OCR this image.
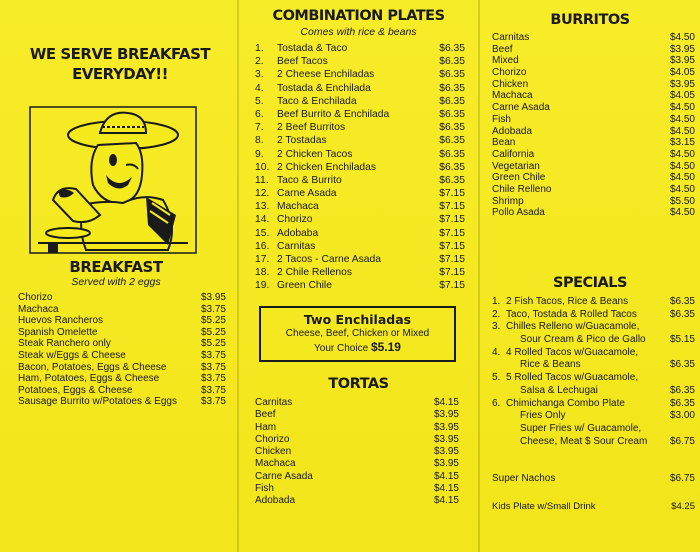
WE SERVE BREAKFAST
EVERYDAY!!
BREAKFAST
Served with 2 eggs
Chorizo	$3.95
Machaca	$3.75
Huevos Rancheros	$5.25
Spanish Omelette	$5.25
Steak Ranchero only	$5.25
Steak w/Eggs & Cheese	$3.75
Bacon, Potatoes, Eggs & Cheese	$3.75
Ham, Potatoes, Eggs & Cheese	$3.75
Potatoes, Eggs & Cheese	$3.75
Sausage Burrito w/Potatoes & Eggs $3.75
COMBINATION PLATES
Comes with rice & beans
1. Tostada & Taco	$6.35
2. Beef Tacos	$6.35
3. 2 Cheese Enchiladas	$6.35
4. Tostada & Enchilada	$6.35
5. Taco & Enchilada	$6.35
6. Beef Burrito & Enchilada	$6.35
7. 2 Beef Burritos	$6.35
8. 2 Tostadas	$6.35
9. 2 Chicken Tacos	$6.35
10. 2 Chicken Enchiladas	$6.35
11. Taco & Burrito	$6.35
12. Carne Asada	$7.15
13. Machaca	$7.15
14. Chorizo	$7.15
15. Adobaba	$7.15
16. Carnitas	$7.15
17. 2 Tacos - Carne Asada	$7.15
18. 2 Chile Rellenos	$7.15
19. Green Chile	$7.15
Two Enchiladas
Cheese, Beef, Chicken or Mixed
Your Choice $5.19
TORTAS
Carnitas	$4.15
Beef	$3.95
Ham	$3.95
Chorizo	$3.95
Chicken	$3.95
Machaca	$3.95
Carne Asada	$4.15
Fish	$4.15
Adobada	$4.15
BURRITOS
Carnitas	$4.50
Beef	$3.95
Mixed	$3.95
Chorizo	$4.05
Chicken	$3.95
Machaca	$4.05
Carne Asada	$4.50
Fish	$4.50
Adobada	$4.50
Bean	$3.15
California	$4.50
Vegetarian	$4.50
Green Chile	$4.50
Chile Relleno	$4.50
Shrimp	$5.50
Pollo Asada	$4.50
SPECIALS
1. 2 Fish Tacos, Rice & Beans	$6.35
2. Taco, Tostada & Rolled Tacos	$6.35
3. Chilles Relleno w/Guacamole,
Sour Cream & Pico de Gallo $5.15
4. 4 Rolled Tacos w/Guacamole,
Rice & Beans	$6.35
5. 5 Rolled Tacos w/Guacamole,
Salsa & Lechugai	$6.35
6. Chimichanga Combo Plate	$6.35
Fries Only	$3.00
Super Fries w/ Guacamole,
Cheese, Meat $ Sour Cream $6.75
Super Nachos	$6.75
Kids Plate w/Small Drink	$4.25
